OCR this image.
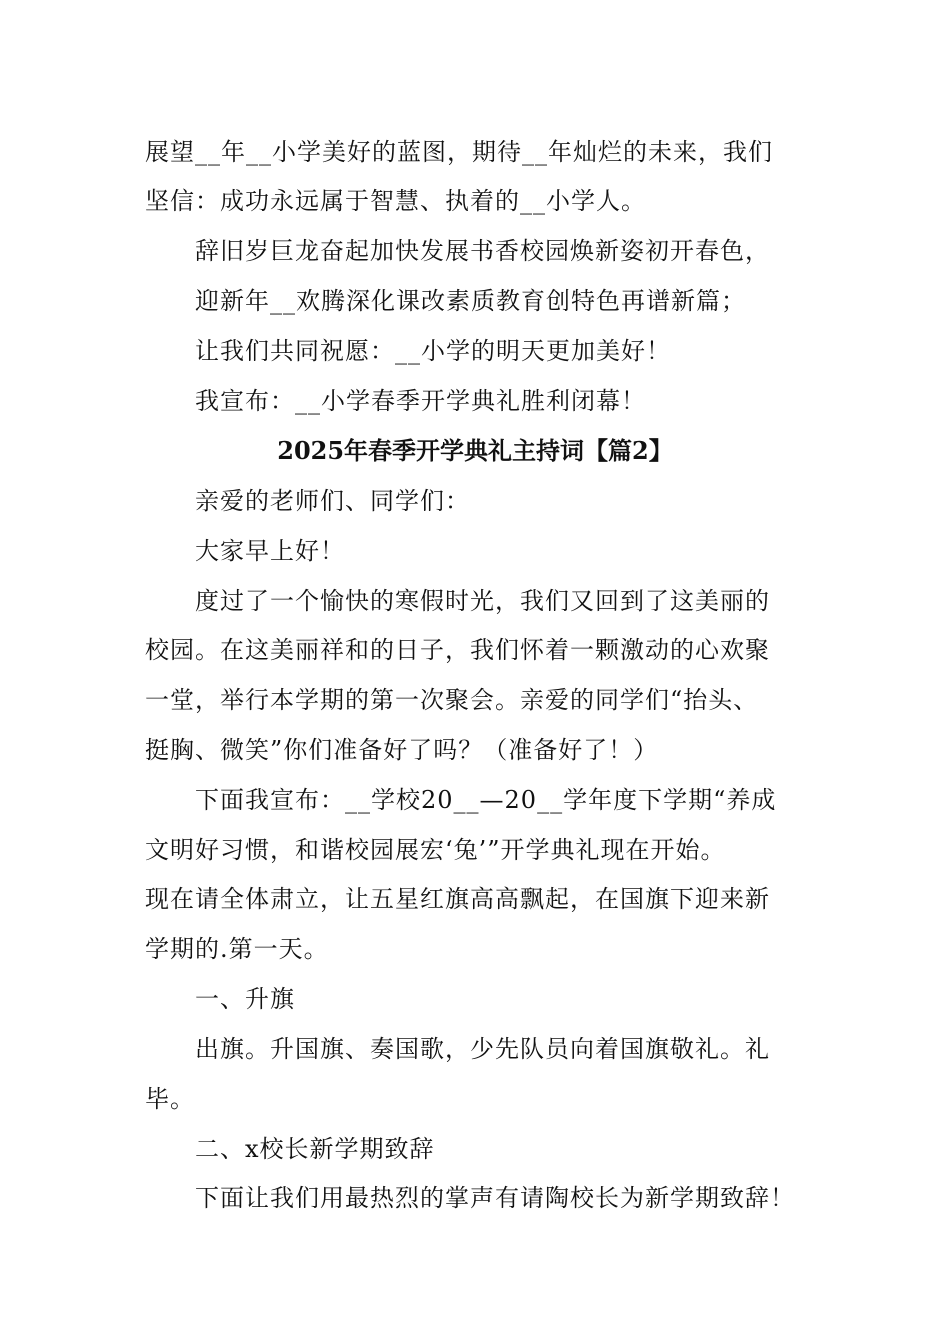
展望__年__小学美好的蓝图，期待__年灿烂的未来，我们
坚信：成功永远属于智慧、执着的__小学人。
辞旧岁巨龙奋起加快发展书香校园焕新姿初开春色，
迎新年__欢腾深化课改素质教育创特色再谱新篇；
让我们共同祝愿：__小学的明天更加美好！
我宣布：__小学春季开学典礼胜利闭幕！
2025年春季开学典礼主持词【篇2】
亲爱的老师们、同学们：
大家早上好！
度过了一个愉快的寒假时光，我们又回到了这美丽的
校园。在这美丽祥和的日子，我们怀着一颗激动的心欢聚
一堂，举行本学期的第一次聚会。亲爱的同学们“抬头、
挺胸、微笑”你们准备好了吗？（准备好了！）
下面我宣布：__学校20__—20__学年度下学期“养成
文明好习惯，和谐校园展宏‘兔’”开学典礼现在开始。
现在请全体肃立，让五星红旗高高飘起，在国旗下迎来新
学期的.第一天。
一、升旗
出旗。升国旗、奏国歌，少先队员向着国旗敬礼。礼
毕。
二、x校长新学期致辞
下面让我们用最热烈的掌声有请陶校长为新学期致辞！
